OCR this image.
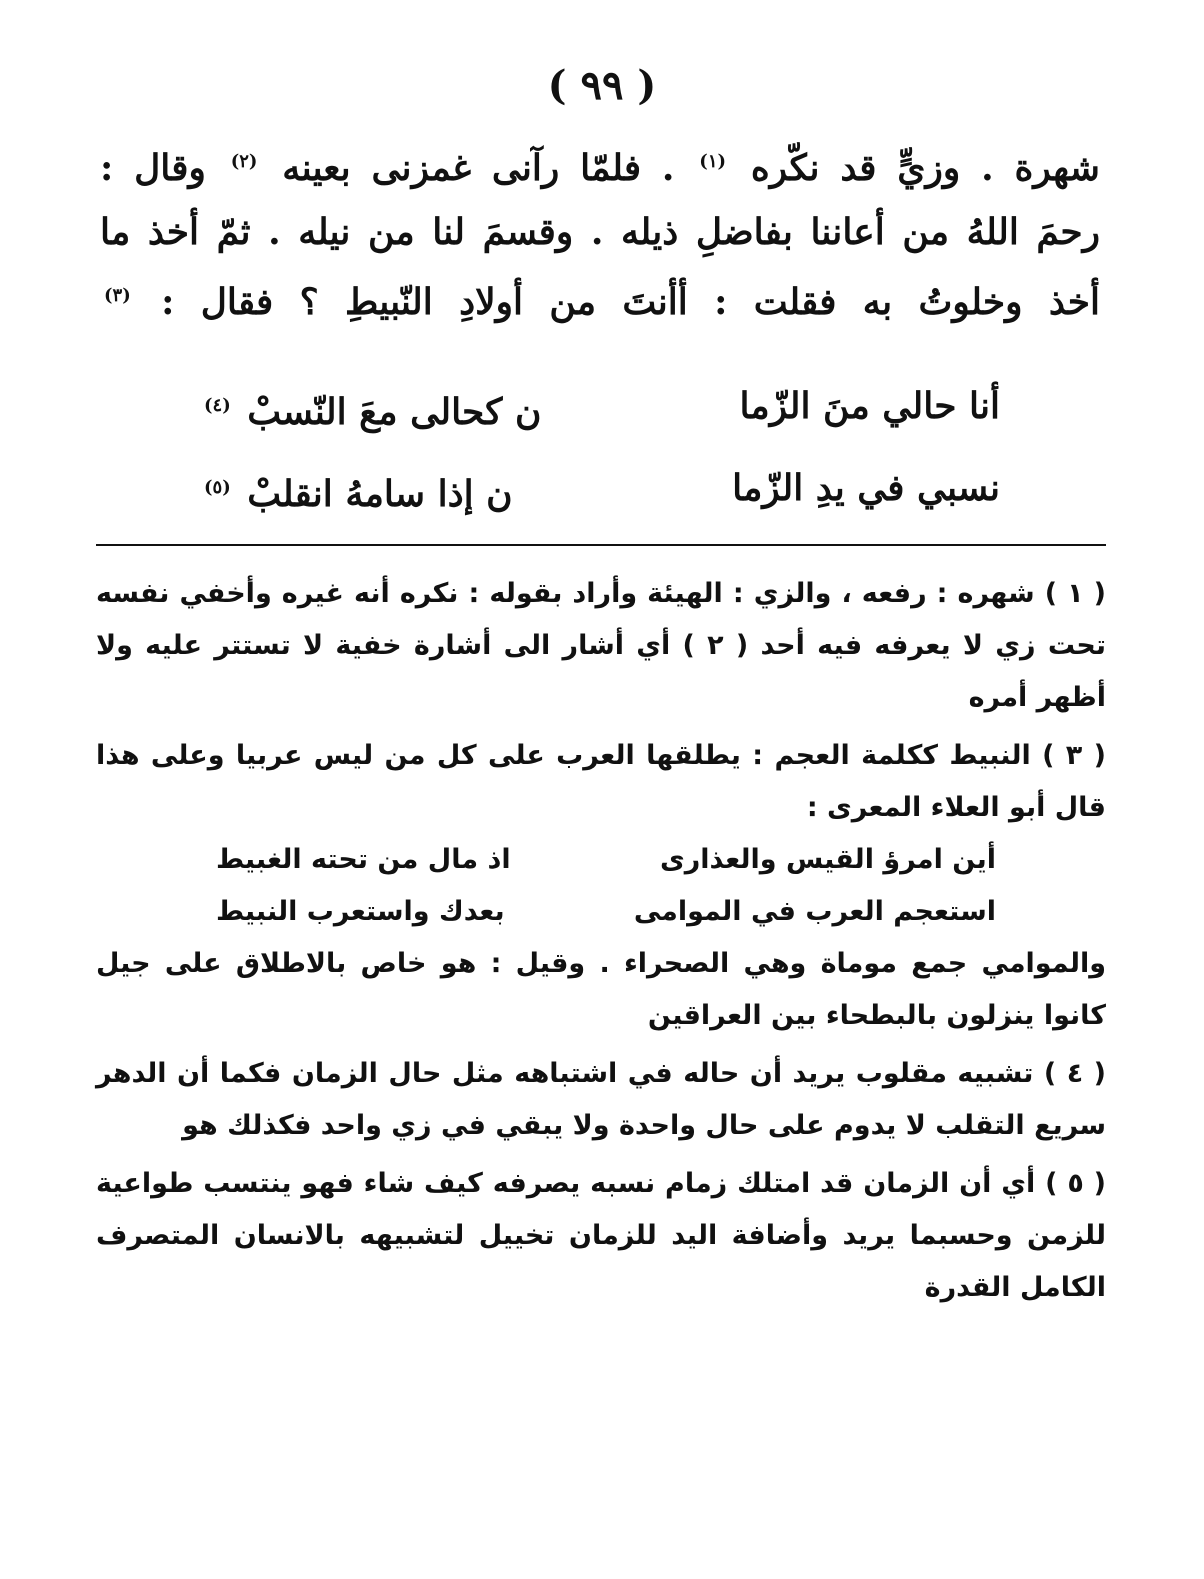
( ٩٩ )
شهرة . وزيٍّ قد نكّره $^{(١)}$ . فلمّا رآنى غمزنى بعينه $^{(٢)}$ وقال :
رحمَ اللهُ من أعاننا بفاضلِ ذيله . وقسمَ لنا من نيله . ثمّ أخذ ما
أخذ وخلوتُ به فقلت : أأنتَ من أولادِ النّبيطِ ؟ فقال : $^{(٣)}$
أنا حالي منَ الزّما
ن كحالى معَ النّسبْ $^{(٤)}$
نسبي في يدِ الزّما
ن إذا سامهُ انقلبْ $^{(٥)}$

( ١ ) شهره : رفعه ، والزي : الهيئة وأراد بقوله : نكره أنه غيره وأخفي نفسه تحت زي لا يعرفه فيه أحد ( ٢ ) أي أشار الى أشارة خفية لا تستتر عليه ولا أظهر أمره

( ٣ ) النبيط ككلمة العجم : يطلقها العرب على كل من ليس عربيا وعلى هذا قال أبو العلاء المعرى :

أين امرؤ القيس والعذارى
اذ مال من تحته الغبيط
استعجم العرب في الموامى
بعدك واستعرب النبيط

والموامي جمع موماة وهي الصحراء . وقيل : هو خاص بالاطلاق على جيل كانوا ينزلون بالبطحاء بين العراقين

( ٤ ) تشبيه مقلوب يريد أن حاله في اشتباهه مثل حال الزمان فكما أن الدهر سريع التقلب لا يدوم على حال واحدة ولا يبقي في زي واحد فكذلك هو

( ٥ ) أي أن الزمان قد امتلك زمام نسبه يصرفه كيف شاء فهو ينتسب طواعية للزمن وحسبما يريد وأضافة اليد للزمان تخييل لتشبيهه بالانسان المتصرف الكامل القدرة
